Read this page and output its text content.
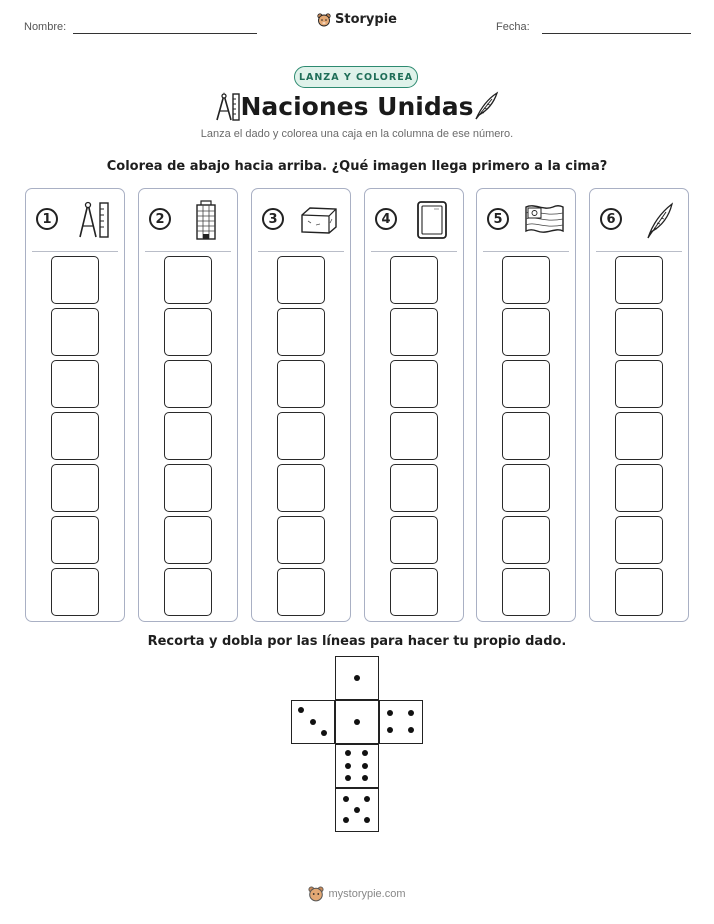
Nombre:	Storypie	Fecha:
LANZA Y COLOREA
Naciones Unidas
Lanza el dado y colorea una caja en la columna de ese número.
Colorea de abajo hacia arriba. ¿Qué imagen llega primero a la cima?
1	2	3	4	5	6
Recorta y dobla por las líneas para hacer tu propio dado.
mystorypie.com
